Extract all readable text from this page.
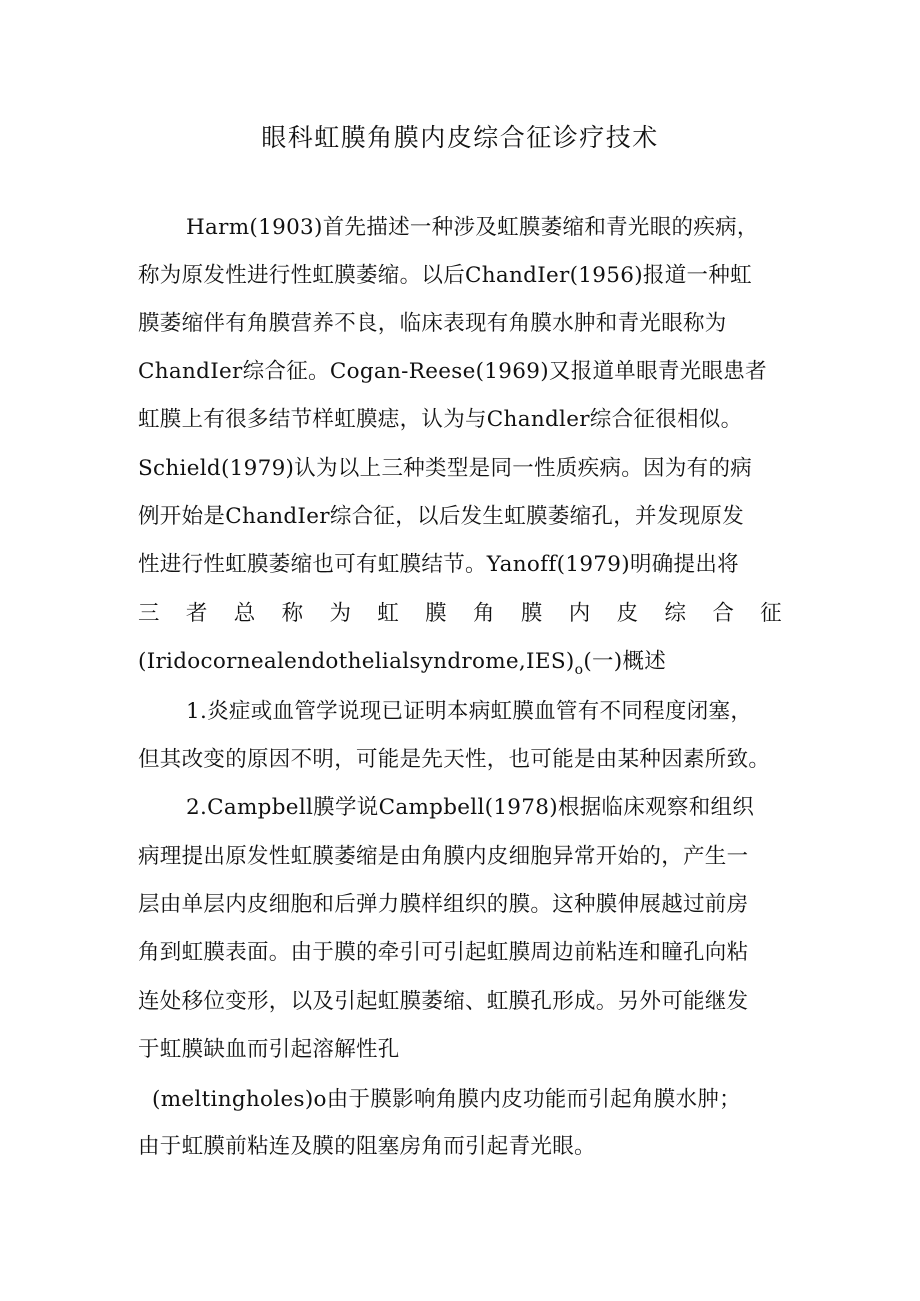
眼科虹膜角膜内皮综合征诊疗技术
Harm(1903)首先描述一种涉及虹膜萎缩和青光眼的疾病，
称为原发性进行性虹膜萎缩。以后ChandIer(1956)报道一种虹
膜萎缩伴有角膜营养不良，临床表现有角膜水肿和青光眼称为
ChandIer综合征。Cogan-Reese(1969)又报道单眼青光眼患者
虹膜上有很多结节样虹膜痣，认为与Chandler综合征很相似。
Schield(1979)认为以上三种类型是同一性质疾病。因为有的病
例开始是ChandIer综合征，以后发生虹膜萎缩孔，并发现原发
性进行性虹膜萎缩也可有虹膜结节。Yanoff(1979)明确提出将
三 者 总 称 为 虹 膜 角 膜 内 皮 综 合 征
$(Iridocornealendothelialsyndrome,IES)_o$(一)概述
1.炎症或血管学说现已证明本病虹膜血管有不同程度闭塞，
但其改变的原因不明，可能是先天性，也可能是由某种因素所致。
2.Campbell膜学说Campbell(1978)根据临床观察和组织
病理提出原发性虹膜萎缩是由角膜内皮细胞异常开始的，产生一
层由单层内皮细胞和后弹力膜样组织的膜。这种膜伸展越过前房
角到虹膜表面。由于膜的牵引可引起虹膜周边前粘连和瞳孔向粘
连处移位变形，以及引起虹膜萎缩、虹膜孔形成。另外可能继发
于虹膜缺血而引起溶解性孔
(meltingholes)o由于膜影响角膜内皮功能而引起角膜水肿；
由于虹膜前粘连及膜的阻塞房角而引起青光眼。
